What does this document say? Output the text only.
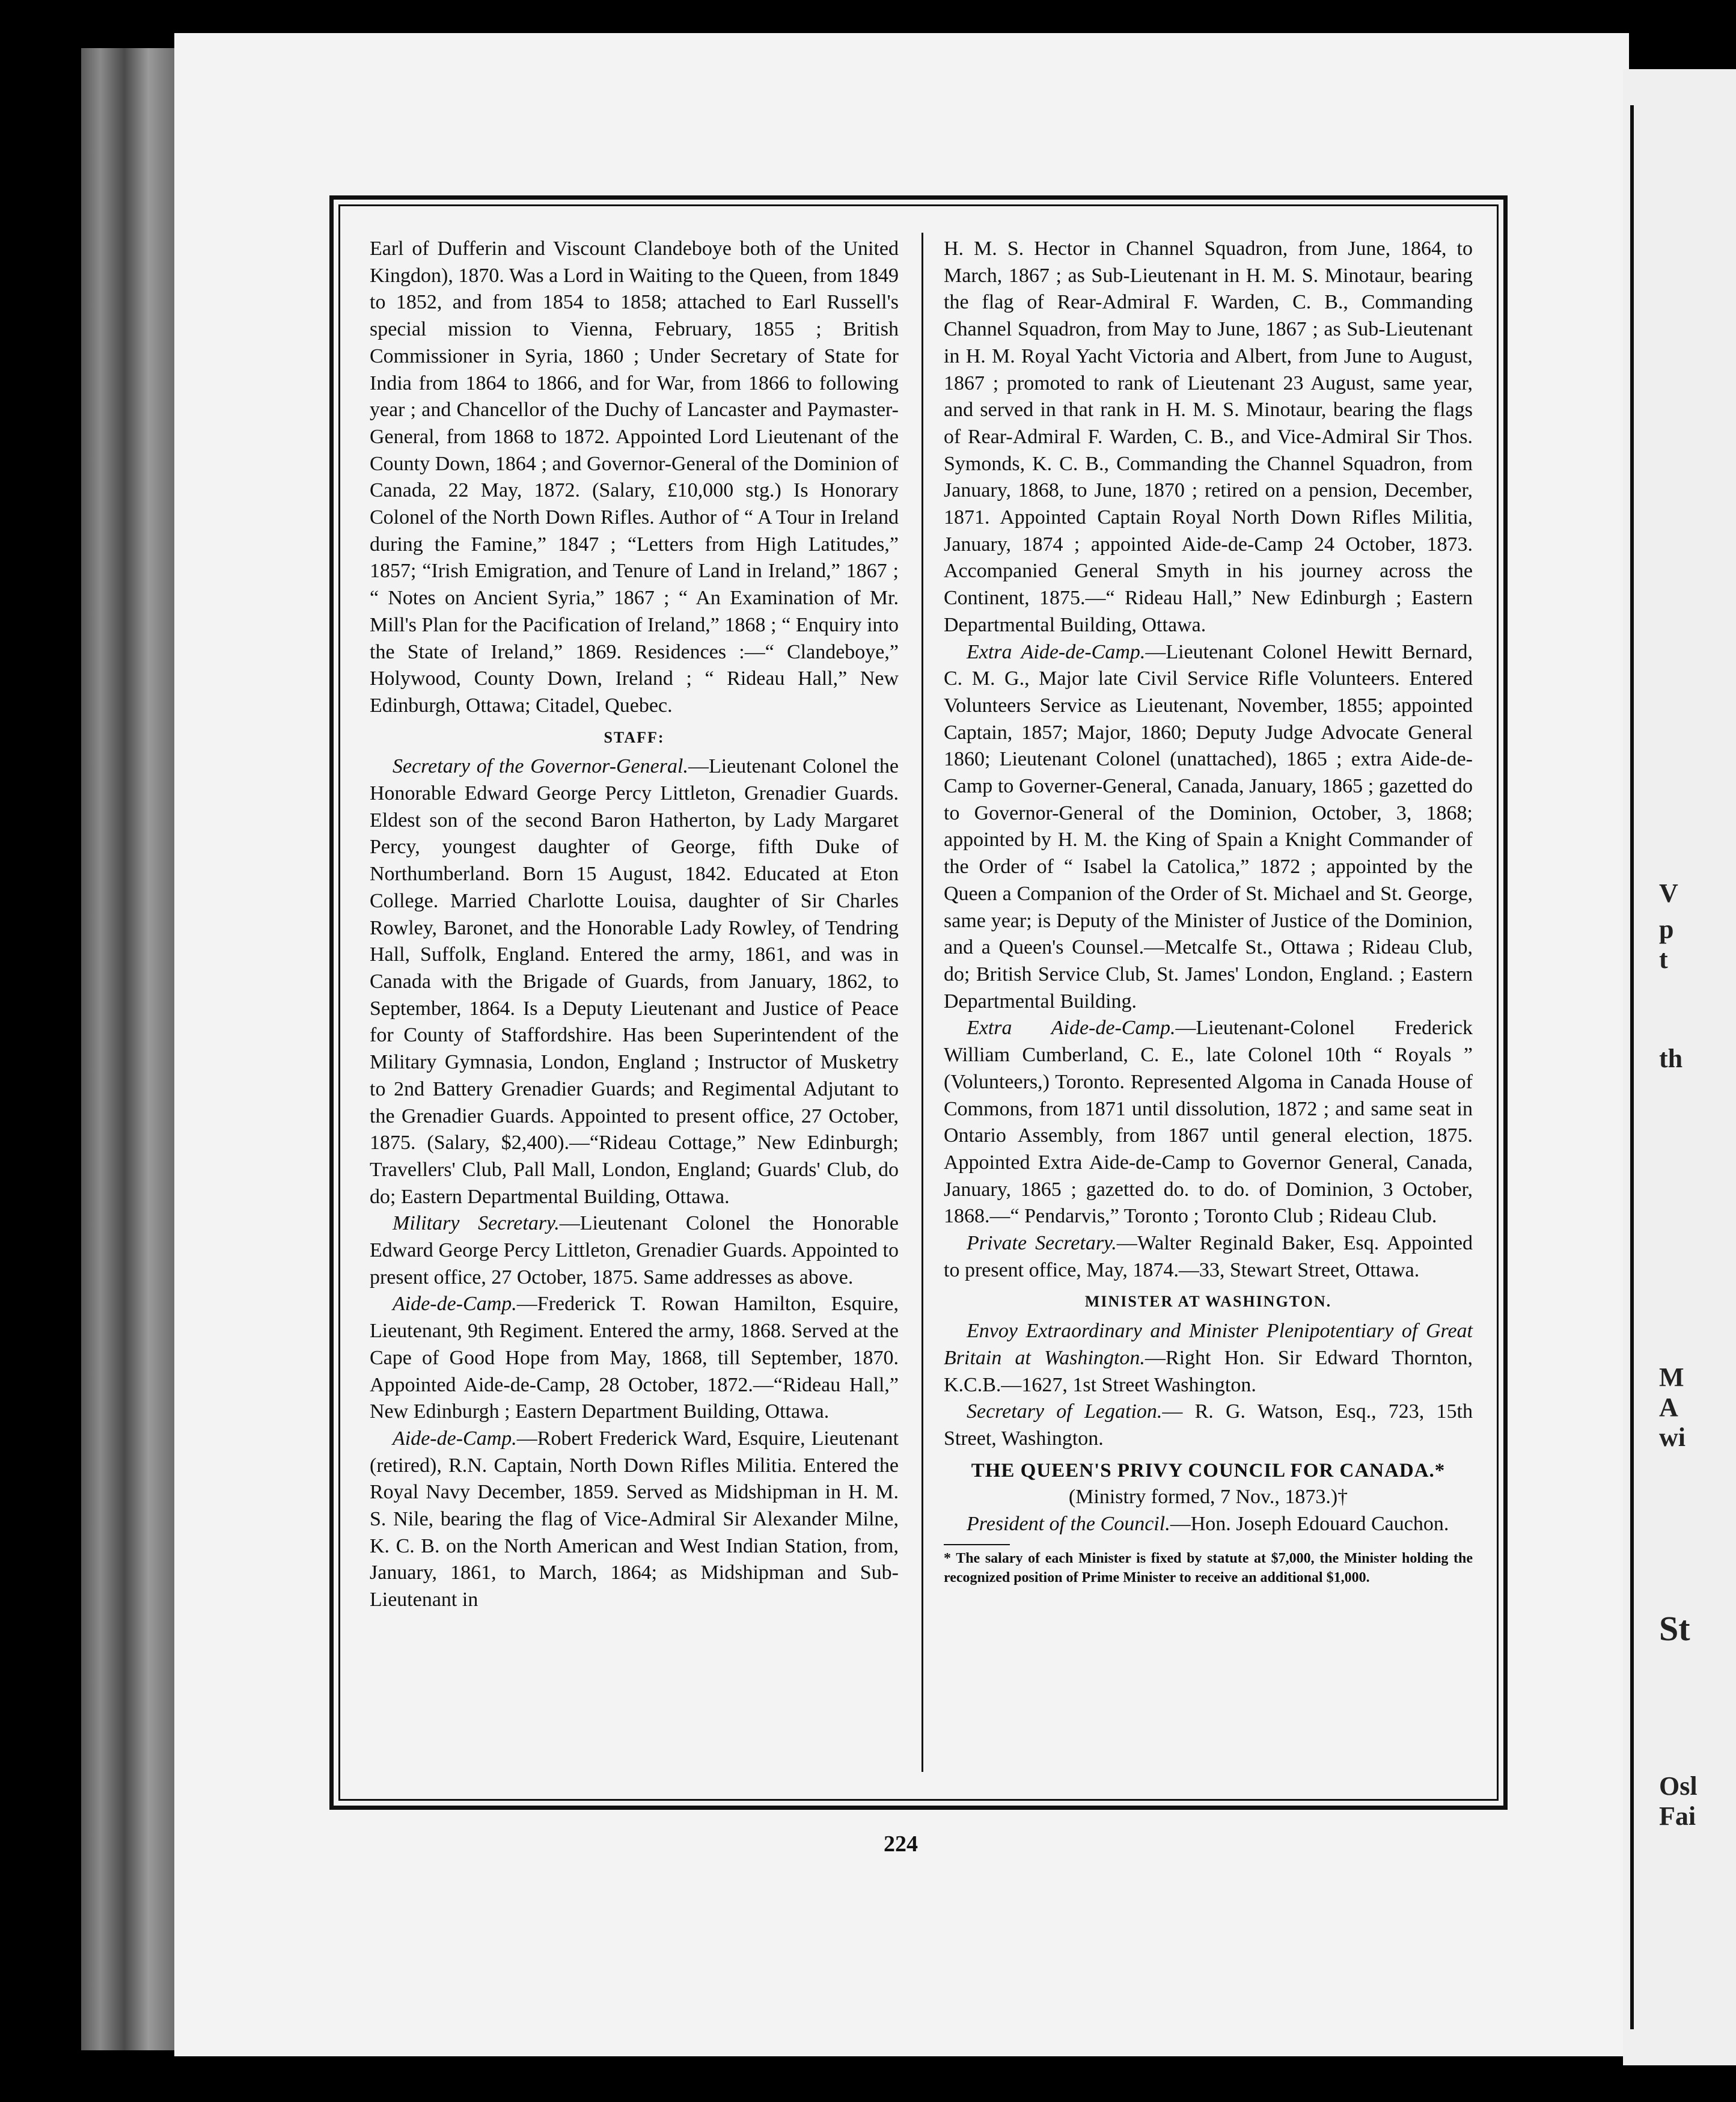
V
p
t
th
M
A
wi
St
Osl
Fai

Earl of Dufferin and Viscount Clandeboye both of the United Kingdon), 1870. Was a Lord in Waiting to the Queen, from 1849 to 1852, and from 1854 to 1858; attached to Earl Russell's special mission to Vienna, February, 1855 ; British Commissioner in Syria, 1860 ; Under Secretary of State for India from 1864 to 1866, and for War, from 1866 to following year ; and Chancellor of the Duchy of Lancaster and Paymaster-General, from 1868 to 1872. Appointed Lord Lieutenant of the County Down, 1864 ; and Governor-General of the Dominion of Canada, 22 May, 1872. (Salary, £10,000 stg.) Is Honorary Colonel of the North Down Rifles. Author of “ A Tour in Ireland during the Famine,” 1847 ; “Letters from High Latitudes,” 1857; “Irish Emigration, and Tenure of Land in Ireland,” 1867 ; “ Notes on Ancient Syria,” 1867 ; “ An Examination of Mr. Mill's Plan for the Pacification of Ireland,” 1868 ; “ Enquiry into the State of Ireland,” 1869. Residences :—“ Clandeboye,” Holywood, County Down, Ireland ; “ Rideau Hall,” New Edinburgh, Ottawa; Citadel, Quebec.

STAFF:

Secretary of the Governor-General.—Lieutenant Colonel the Honorable Edward George Percy Littleton, Grenadier Guards. Eldest son of the second Baron Hatherton, by Lady Margaret Percy, youngest daughter of George, fifth Duke of Northumberland. Born 15 August, 1842. Educated at Eton College. Married Charlotte Louisa, daughter of Sir Charles Rowley, Baronet, and the Honorable Lady Rowley, of Tendring Hall, Suffolk, England. Entered the army, 1861, and was in Canada with the Brigade of Guards, from January, 1862, to September, 1864. Is a Deputy Lieutenant and Justice of Peace for County of Staffordshire. Has been Superintendent of the Military Gymnasia, London, England ; Instructor of Musketry to 2nd Battery Grenadier Guards; and Regimental Adjutant to the Grenadier Guards. Appointed to present office, 27 October, 1875. (Salary, $2,400).—“Rideau Cottage,” New Edinburgh; Travellers' Club, Pall Mall, London, England; Guards' Club, do do; Eastern Departmental Building, Ottawa.

Military Secretary.—Lieutenant Colonel the Honorable Edward George Percy Littleton, Grenadier Guards. Appointed to present office, 27 October, 1875. Same addresses as above.

Aide-de-Camp.—Frederick T. Rowan Hamilton, Esquire, Lieutenant, 9th Regiment. Entered the army, 1868. Served at the Cape of Good Hope from May, 1868, till September, 1870. Appointed Aide-de-Camp, 28 October, 1872.—“Rideau Hall,” New Edinburgh ; Eastern Department Building, Ottawa.

Aide-de-Camp.—Robert Frederick Ward, Esquire, Lieutenant (retired), R.N. Captain, North Down Rifles Militia. Entered the Royal Navy December, 1859. Served as Midshipman in H. M. S. Nile, bearing the flag of Vice-Admiral Sir Alexander Milne, K. C. B. on the North American and West Indian Station, from, January, 1861, to March, 1864; as Midshipman and Sub-Lieutenant in

H. M. S. Hector in Channel Squadron, from June, 1864, to March, 1867 ; as Sub-Lieutenant in H. M. S. Minotaur, bearing the flag of Rear-Admiral F. Warden, C. B., Commanding Channel Squadron, from May to June, 1867 ; as Sub-Lieutenant in H. M. Royal Yacht Victoria and Albert, from June to August, 1867 ; promoted to rank of Lieutenant 23 August, same year, and served in that rank in H. M. S. Minotaur, bearing the flags of Rear-Admiral F. Warden, C. B., and Vice-Admiral Sir Thos. Symonds, K. C. B., Commanding the Channel Squadron, from January, 1868, to June, 1870 ; retired on a pension, December, 1871. Appointed Captain Royal North Down Rifles Militia, January, 1874 ; appointed Aide-de-Camp 24 October, 1873. Accompanied General Smyth in his journey across the Continent, 1875.—“ Rideau Hall,” New Edinburgh ; Eastern Departmental Building, Ottawa.

Extra Aide-de-Camp.—Lieutenant Colonel Hewitt Bernard, C. M. G., Major late Civil Service Rifle Volunteers. Entered Volunteers Service as Lieutenant, November, 1855; appointed Captain, 1857; Major, 1860; Deputy Judge Advocate General 1860; Lieutenant Colonel (unattached), 1865 ; extra Aide-de-Camp to Governer-General, Canada, January, 1865 ; gazetted do to Governor-General of the Dominion, October, 3, 1868; appointed by H. M. the King of Spain a Knight Commander of the Order of “ Isabel la Catolica,” 1872 ; appointed by the Queen a Companion of the Order of St. Michael and St. George, same year; is Deputy of the Minister of Justice of the Dominion, and a Queen's Counsel.—Metcalfe St., Ottawa ; Rideau Club, do; British Service Club, St. James' London, England. ; Eastern Departmental Building.

Extra Aide-de-Camp.—Lieutenant-Colonel Frederick William Cumberland, C. E., late Colonel 10th “ Royals ” (Volunteers,) Toronto. Represented Algoma in Canada House of Commons, from 1871 until dissolution, 1872 ; and same seat in Ontario Assembly, from 1867 until general election, 1875. Appointed Extra Aide-de-Camp to Governor General, Canada, January, 1865 ; gazetted do. to do. of Dominion, 3 October, 1868.—“ Pendarvis,” Toronto ; Toronto Club ; Rideau Club.

Private Secretary.—Walter Reginald Baker, Esq. Appointed to present office, May, 1874.—33, Stewart Street, Ottawa.

MINISTER AT WASHINGTON.

Envoy Extraordinary and Minister Plenipotentiary of Great Britain at Washington.—Right Hon. Sir Edward Thornton, K.C.B.—1627, 1st Street Washington.

Secretary of Legation.— R. G. Watson, Esq., 723, 15th Street, Washington.

THE QUEEN'S PRIVY COUNCIL FOR CANADA.*
(Ministry formed, 7 Nov., 1873.)†

President of the Council.—Hon. Joseph Edouard Cauchon.

* The salary of each Minister is fixed by statute at $7,000, the Minister holding the recognized position of Prime Minister to receive an additional $1,000.
224
